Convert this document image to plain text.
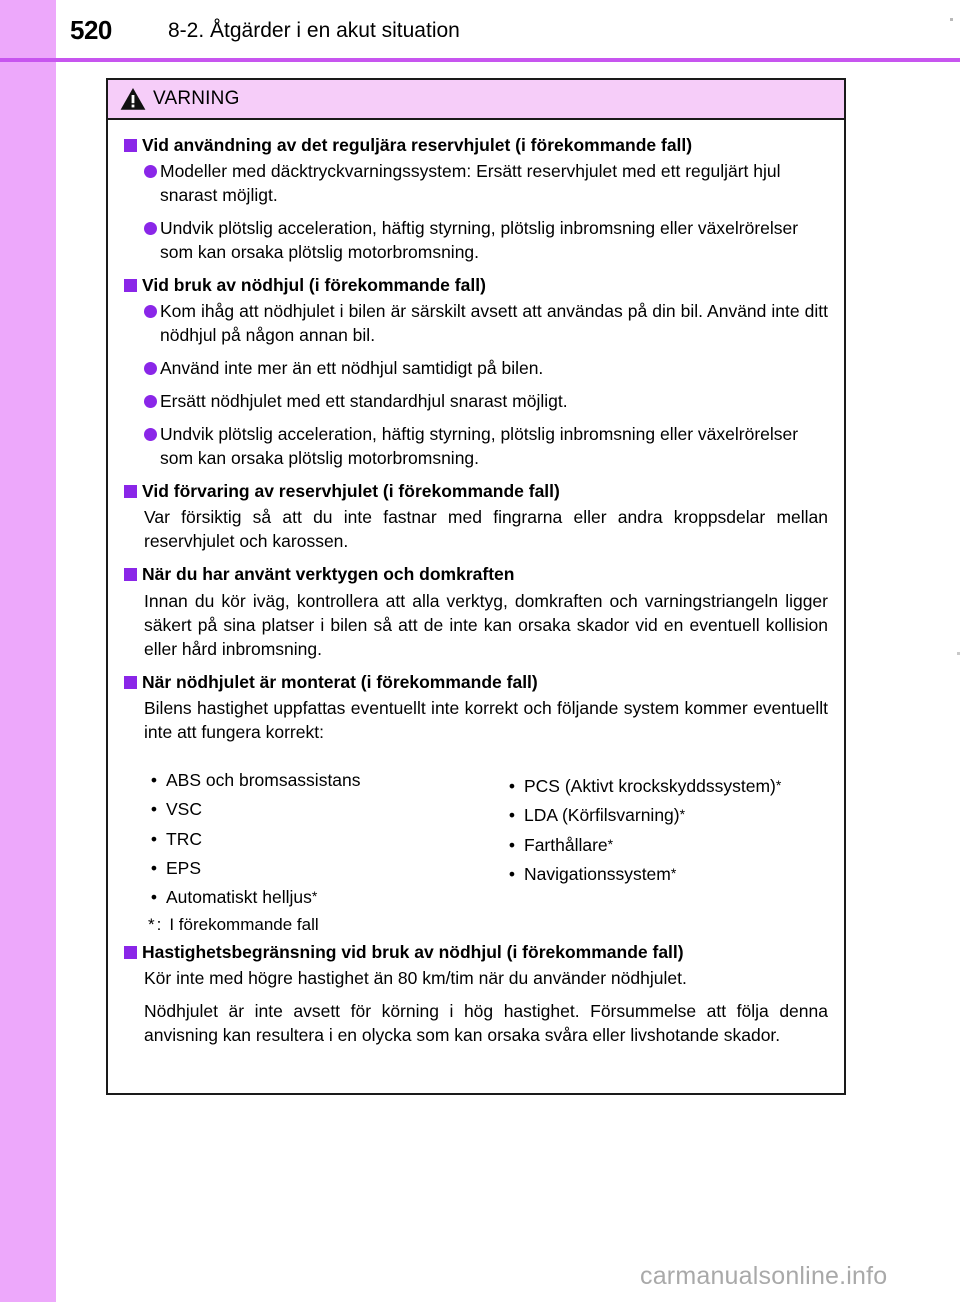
520	8-2. Åtgärder i en akut situation
VARNING
Vid användning av det reguljära reservhjulet (i förekommande fall)
Modeller med däcktryckvarningssystem: Ersätt reservhjulet med ett reguljärt hjul snarast möjligt.
Undvik plötslig acceleration, häftig styrning, plötslig inbromsning eller växelrörelser som kan orsaka plötslig motorbromsning.
Vid bruk av nödhjul (i förekommande fall)
Kom ihåg att nödhjulet i bilen är särskilt avsett att användas på din bil. Använd inte ditt nödhjul på någon annan bil.
Använd inte mer än ett nödhjul samtidigt på bilen.
Ersätt nödhjulet med ett standardhjul snarast möjligt.
Undvik plötslig acceleration, häftig styrning, plötslig inbromsning eller växelrörelser som kan orsaka plötslig motorbromsning.
Vid förvaring av reservhjulet (i förekommande fall)
Var försiktig så att du inte fastnar med fingrarna eller andra kroppsdelar mellan reservhjulet och karossen.
När du har använt verktygen och domkraften
Innan du kör iväg, kontrollera att alla verktyg, domkraften och varningstriangeln ligger säkert på sina platser i bilen så att de inte kan orsaka skador vid en eventuell kollision eller hård inbromsning.
När nödhjulet är monterat (i förekommande fall)
Bilens hastighet uppfattas eventuellt inte korrekt och följande system kommer eventuellt inte att fungera korrekt:
• ABS och bromsassistans
• VSC
• TRC
• EPS
• Automatiskt helljus*
* : I förekommande fall
• PCS (Aktivt krockskyddssystem)*
• LDA (Körfilsvarning)*
• Farthållare*
• Navigationssystem*
Hastighetsbegränsning vid bruk av nödhjul (i förekommande fall)
Kör inte med högre hastighet än 80 km/tim när du använder nödhjulet.
Nödhjulet är inte avsett för körning i hög hastighet. Försummelse att följa denna anvisning kan resultera i en olycka som kan orsaka svåra eller livshotande skador.
carmanualsonline.info
